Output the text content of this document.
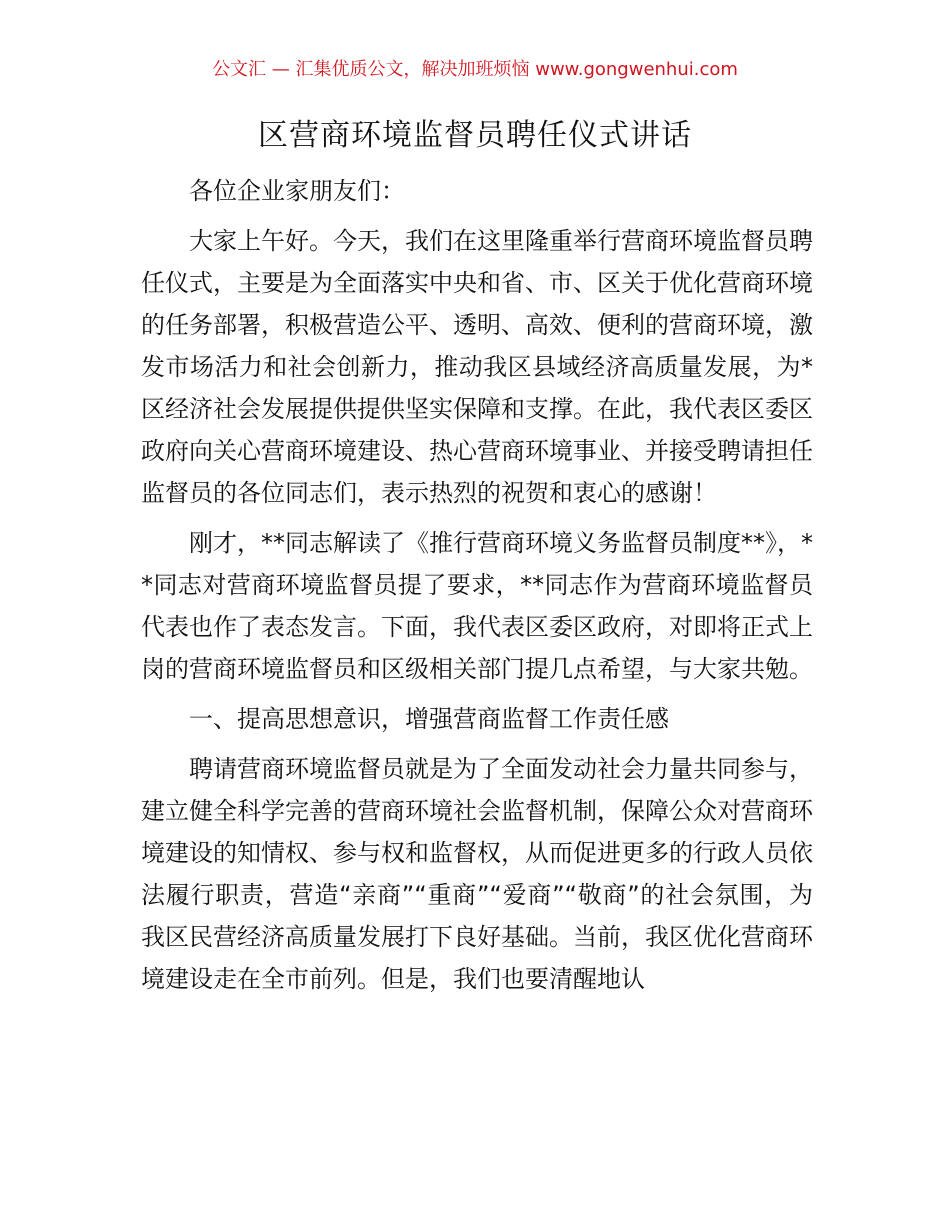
公文汇 — 汇集优质公文，解决加班烦恼 www.gongwenhui.com
区营商环境监督员聘任仪式讲话

各位企业家朋友们：

大家上午好。今天，我们在这里隆重举行营商环境监督员聘任仪式，主要是为全面落实中央和省、市、区关于优化营商环境的任务部署，积极营造公平、透明、高效、便利的营商环境，激发市场活力和社会创新力，推动我区县域经济高质量发展，为*区经济社会发展提供提供坚实保障和支撑。在此，我代表区委区政府向关心营商环境建设、热心营商环境事业、并接受聘请担任监督员的各位同志们，表示热烈的祝贺和衷心的感谢！

刚才，**同志解读了《推行营商环境义务监督员制度**》，**同志对营商环境监督员提了要求，**同志作为营商环境监督员代表也作了表态发言。下面，我代表区委区政府，对即将正式上岗的营商环境监督员和区级相关部门提几点希望，与大家共勉。

一、提高思想意识，增强营商监督工作责任感

聘请营商环境监督员就是为了全面发动社会力量共同参与，建立健全科学完善的营商环境社会监督机制，保障公众对营商环境建设的知情权、参与权和监督权，从而促进更多的行政人员依法履行职责，营造“亲商”“重商”“爱商”“敬商”的社会氛围，为我区民营经济高质量发展打下良好基础。当前，我区优化营商环境建设走在全市前列。但是，我们也要清醒地认
